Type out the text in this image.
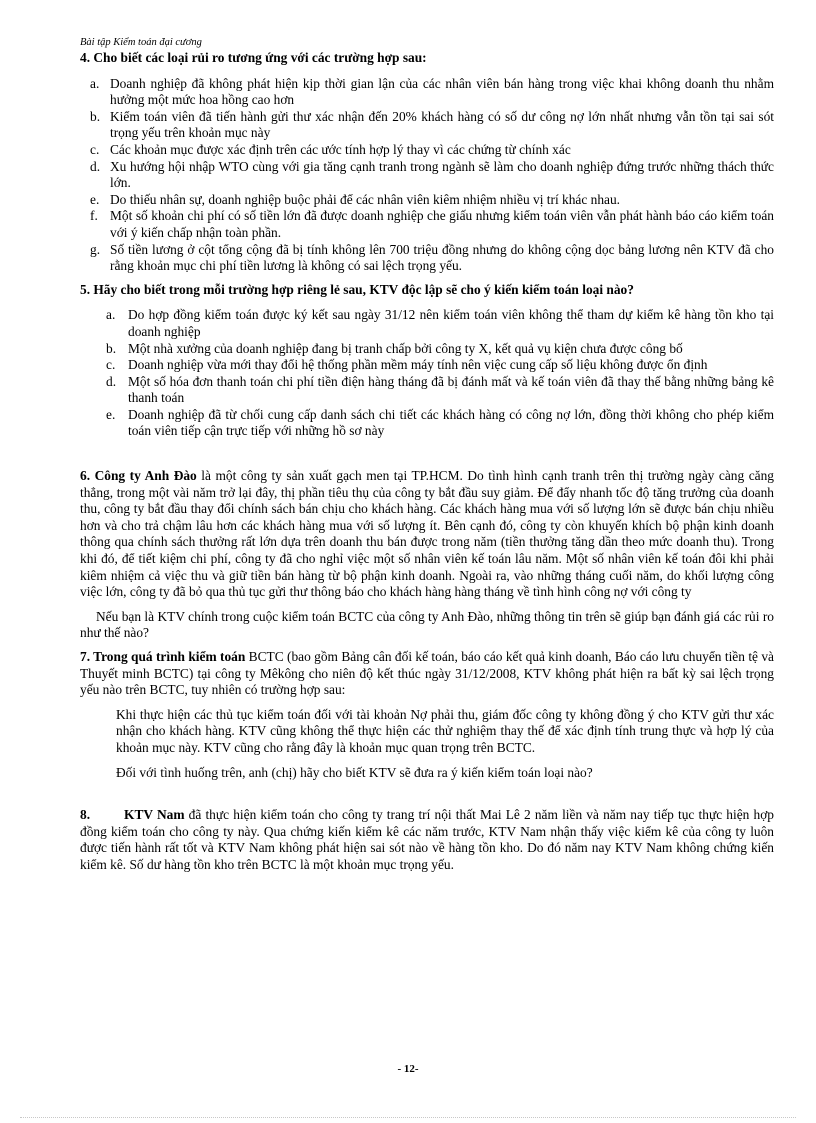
Bài tập Kiểm toán đại cương
4. Cho biết các loại rủi ro tương ứng với các trường hợp sau:
a. Doanh nghiệp đã không phát hiện kịp thời gian lận của các nhân viên bán hàng trong việc khai không doanh thu nhằm hưởng một mức hoa hồng cao hơn
b. Kiểm toán viên đã tiến hành gửi thư xác nhận đến 20% khách hàng có số dư công nợ lớn nhất nhưng vẫn tồn tại sai sót trọng yếu trên khoản mục này
c. Các khoản mục được xác định trên các ước tính hợp lý thay vì các chứng từ chính xác
d. Xu hướng hội nhập WTO cùng với gia tăng cạnh tranh trong ngành sẽ làm cho doanh nghiệp đứng trước những thách thức lớn.
e. Do thiếu nhân sự, doanh nghiệp buộc phải để các nhân viên kiêm nhiệm nhiều vị trí khác nhau.
f. Một số khoản chi phí có số tiền lớn đã được doanh nghiệp che giấu nhưng kiểm toán viên vẫn phát hành báo cáo kiểm toán với ý kiến chấp nhận toàn phần.
g. Số tiền lương ở cột tổng cộng đã bị tính không lên 700 triệu đồng nhưng do không cộng dọc bảng lương nên KTV đã cho rằng khoản mục chi phí tiền lương là không có sai lệch trọng yếu.
5. Hãy cho biết trong mỗi trường hợp riêng lẻ sau, KTV độc lập sẽ cho ý kiến kiểm toán loại nào?
a. Do hợp đồng kiểm toán được ký kết sau ngày 31/12 nên kiểm toán viên không thể tham dự kiểm kê hàng tồn kho tại doanh nghiệp
b. Một nhà xưởng của doanh nghiệp đang bị tranh chấp bởi công ty X, kết quả vụ kiện chưa được công bố
c. Doanh nghiệp vừa mới thay đổi hệ thống phần mềm máy tính nên việc cung cấp số liệu không được ổn định
d. Một số hóa đơn thanh toán chi phí tiền điện hàng tháng đã bị đánh mất và kế toán viên đã thay thế bằng những bảng kê thanh toán
e. Doanh nghiệp đã từ chối cung cấp danh sách chi tiết các khách hàng có công nợ lớn, đồng thời không cho phép kiểm toán viên tiếp cận trực tiếp với những hồ sơ này

6. Công ty Anh Đào là một công ty sản xuất gạch men tại TP.HCM. Do tình hình cạnh tranh trên thị trường ngày càng căng thẳng, trong một vài năm trở lại đây, thị phần tiêu thụ của công ty bắt đầu suy giảm. Để đẩy nhanh tốc độ tăng trưởng của doanh thu, công ty bắt đầu thay đổi chính sách bán chịu cho khách hàng. Các khách hàng mua với số lượng lớn sẽ được bán chịu nhiều hơn và cho trả chậm lâu hơn các khách hàng mua với số lượng ít. Bên cạnh đó, công ty còn khuyến khích bộ phận kinh doanh thông qua chính sách thưởng rất lớn dựa trên doanh thu bán được trong năm (tiền thưởng tăng dần theo mức doanh thu). Trong khi đó, để tiết kiệm chi phí, công ty đã cho nghỉ việc một số nhân viên kế toán lâu năm. Một số nhân viên kế toán đôi khi phải kiêm nhiệm cả việc thu và giữ tiền bán hàng từ bộ phận kinh doanh. Ngoài ra, vào những tháng cuối năm, do khối lượng công việc lớn, công ty đã bỏ qua thủ tục gửi thư thông báo cho khách hàng hàng tháng về tình hình công nợ với công ty

Nếu bạn là KTV chính trong cuộc kiểm toán BCTC của công ty Anh Đào, những thông tin trên sẽ giúp bạn đánh giá các rủi ro như thế nào?

7. Trong quá trình kiểm toán BCTC (bao gồm Bảng cân đối kế toán, báo cáo kết quả kinh doanh, Báo cáo lưu chuyển tiền tệ và Thuyết minh BCTC) tại công ty Mêkông cho niên độ kết thúc ngày 31/12/2008, KTV không phát hiện ra bất kỳ sai lệch trọng yếu nào trên BCTC, tuy nhiên có trường hợp sau:

Khi thực hiện các thủ tục kiểm toán đối với tài khoản Nợ phải thu, giám đốc công ty không đồng ý cho KTV gửi thư xác nhận cho khách hàng. KTV cũng không thể thực hiện các thử nghiệm thay thế để xác định tính trung thực và hợp lý của khoản mục này. KTV cũng cho rằng đây là khoản mục quan trọng trên BCTC.

Đối với tình huống trên, anh (chị) hãy cho biết KTV sẽ đưa ra ý kiến kiểm toán loại nào?

8.	KTV Nam đã thực hiện kiểm toán cho công ty trang trí nội thất Mai Lê 2 năm liền và năm nay tiếp tục thực hiện hợp đồng kiểm toán cho công ty này. Qua chứng kiến kiểm kê các năm trước, KTV Nam nhận thấy việc kiểm kê của công ty luôn được tiến hành rất tốt và KTV Nam không phát hiện sai sót nào về hàng tồn kho. Do đó năm nay KTV Nam không chứng kiến kiểm kê. Số dư hàng tồn kho trên BCTC là một khoản mục trọng yếu.

- 12-
